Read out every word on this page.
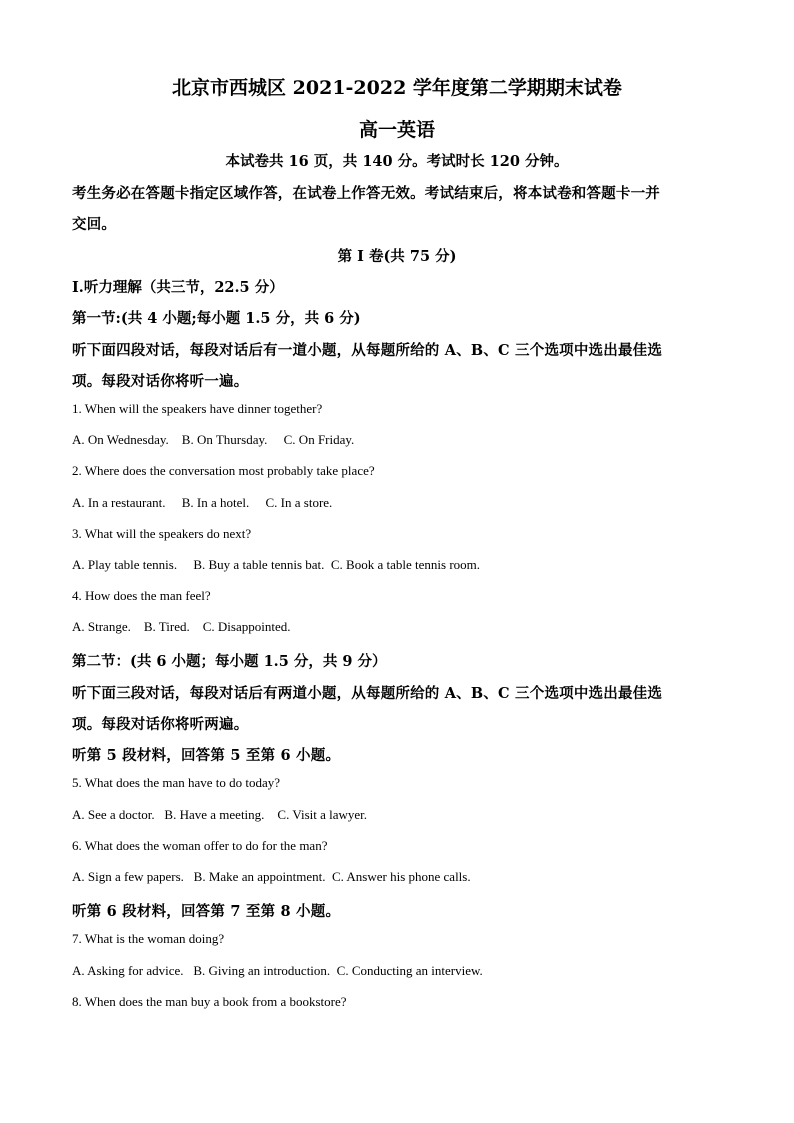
北京市西城区 2021-2022 学年度第二学期期末试卷
高一英语
本试卷共 16 页，共 140 分。考试时长 120 分钟。
考生务必在答题卡指定区域作答，在试卷上作答无效。考试结束后，将本试卷和答题卡一并
交回。
第 I 卷(共 75 分)
Ⅰ.听力理解（共三节，22.5 分）
第一节:(共 4 小题;每小题 1.5 分，共 6 分)
听下面四段对话，每段对话后有一道小题，从每题所给的 A、B、C 三个选项中选出最佳选
项。每段对话你将听一遍。
1. When will the speakers have dinner together?
A. On Wednesday. B. On Thursday. C. On Friday.
2. Where does the conversation most probably take place?
A. In a restaurant. B. In a hotel. C. In a store.
3. What will the speakers do next?
A. Play table tennis. B. Buy a table tennis bat. C. Book a table tennis room.
4. How does the man feel?
A. Strange. B. Tired. C. Disappointed.
第二节：(共 6 小题；每小题 1.5 分，共 9 分）
听下面三段对话，每段对话后有两道小题，从每题所给的 A、B、C 三个选项中选出最佳选
项。每段对话你将听两遍。
听第 5 段材料，回答第 5 至第 6 小题。
5. What does the man have to do today?
A. See a doctor. B. Have a meeting. C. Visit a lawyer.
6. What does the woman offer to do for the man?
A. Sign a few papers. B. Make an appointment. C. Answer his phone calls.
听第 6 段材料，回答第 7 至第 8 小题。
7. What is the woman doing?
A. Asking for advice. B. Giving an introduction. C. Conducting an interview.
8. When does the man buy a book from a bookstore?
